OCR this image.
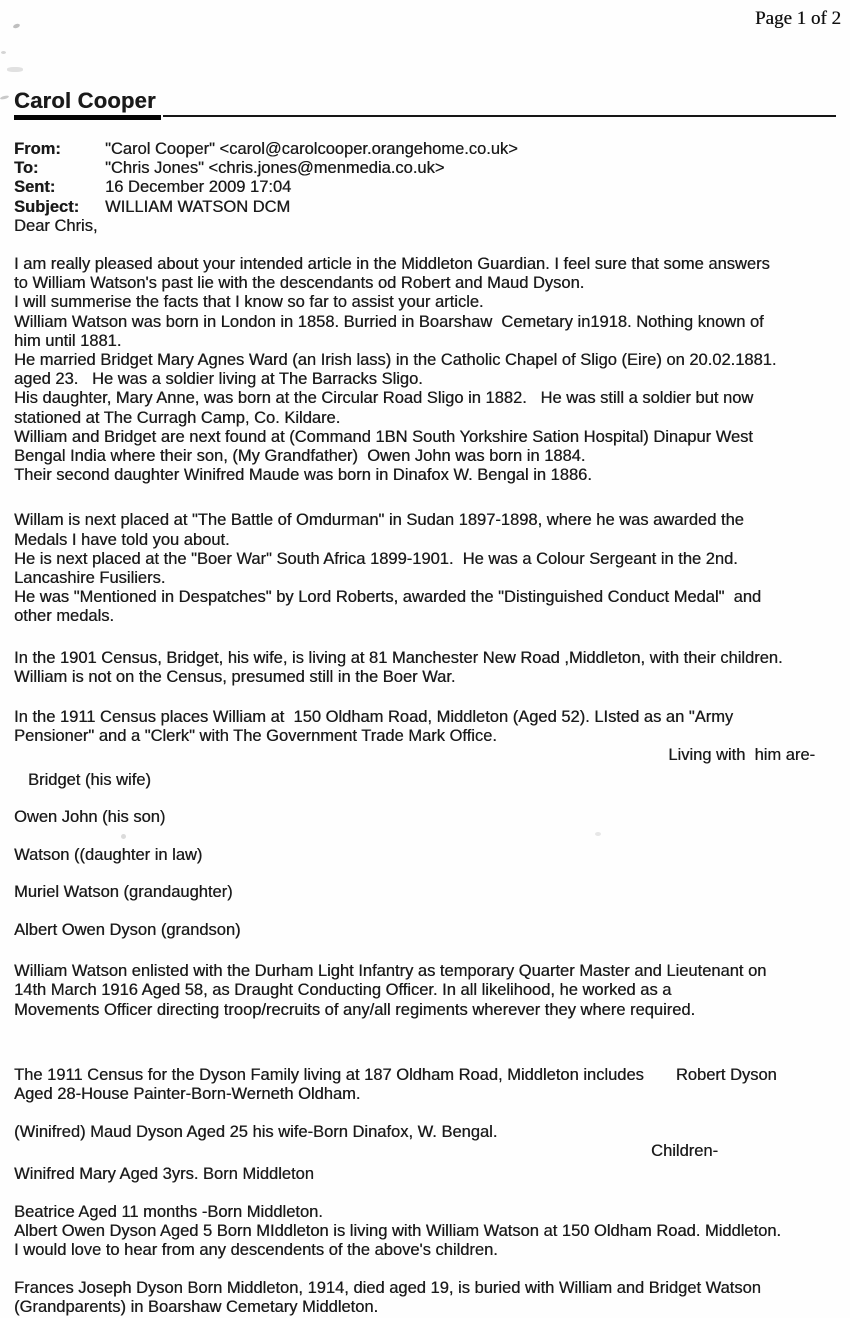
Page 1 of 2
Carol Cooper
From:	"Carol Cooper" <carol@carolcooper.orangehome.co.uk>
To:	"Chris Jones" <chris.jones@menmedia.co.uk>
Sent:	16 December 2009 17:04
Subject:	WILLIAM WATSON DCM
Dear Chris,
I am really pleased about your intended article in the Middleton Guardian. I feel sure that some answers
to William Watson's past lie with the descendants od Robert and Maud Dyson.
I will summerise the facts that I know so far to assist your article.
William Watson was born in London in 1858. Burried in Boarshaw  Cemetary in1918. Nothing known of
him until 1881.
He married Bridget Mary Agnes Ward (an Irish lass) in the Catholic Chapel of Sligo (Eire) on 20.02.1881.
aged 23.   He was a soldier living at The Barracks Sligo.
His daughter, Mary Anne, was born at the Circular Road Sligo in 1882.   He was still a soldier but now
stationed at The Curragh Camp, Co. Kildare.
William and Bridget are next found at (Command 1BN South Yorkshire Sation Hospital) Dinapur West
Bengal India where their son, (My Grandfather)  Owen John was born in 1884.
Their second daughter Winifred Maude was born in Dinafox W. Bengal in 1886.
Willam is next placed at "The Battle of Omdurman" in Sudan 1897-1898, where he was awarded the
Medals I have told you about.
He is next placed at the "Boer War" South Africa 1899-1901.  He was a Colour Sergeant in the 2nd.
Lancashire Fusiliers.
He was "Mentioned in Despatches" by Lord Roberts, awarded the "Distinguished Conduct Medal"  and
other medals.
In the 1901 Census, Bridget, his wife, is living at 81 Manchester New Road ,Middleton, with their children.
William is not on the Census, presumed still in the Boer War.
In the 1911 Census places William at  150 Oldham Road, Middleton (Aged 52). LIsted as an "Army
Pensioner" and a "Clerk" with The Government Trade Mark Office.
Living with  him are-
Bridget (his wife)
Owen John (his son)
Watson ((daughter in law)
Muriel Watson (grandaughter)
Albert Owen Dyson (grandson)
William Watson enlisted with the Durham Light Infantry as temporary Quarter Master and Lieutenant on
14th March 1916 Aged 58, as Draught Conducting Officer. In all likelihood, he worked as a
Movements Officer directing troop/recruits of any/all regiments wherever they where required.
The 1911 Census for the Dyson Family living at 187 Oldham Road, Middleton includes       Robert Dyson
Aged 28-House Painter-Born-Werneth Oldham.
(Winifred) Maud Dyson Aged 25 his wife-Born Dinafox, W. Bengal.
Children-
Winifred Mary Aged 3yrs. Born Middleton
Beatrice Aged 11 months -Born Middleton.
Albert Owen Dyson Aged 5 Born MIddleton is living with William Watson at 150 Oldham Road. Middleton.
I would love to hear from any descendents of the above's children.
Frances Joseph Dyson Born Middleton, 1914, died aged 19, is buried with William and Bridget Watson
(Grandparents) in Boarshaw Cemetary Middleton.
